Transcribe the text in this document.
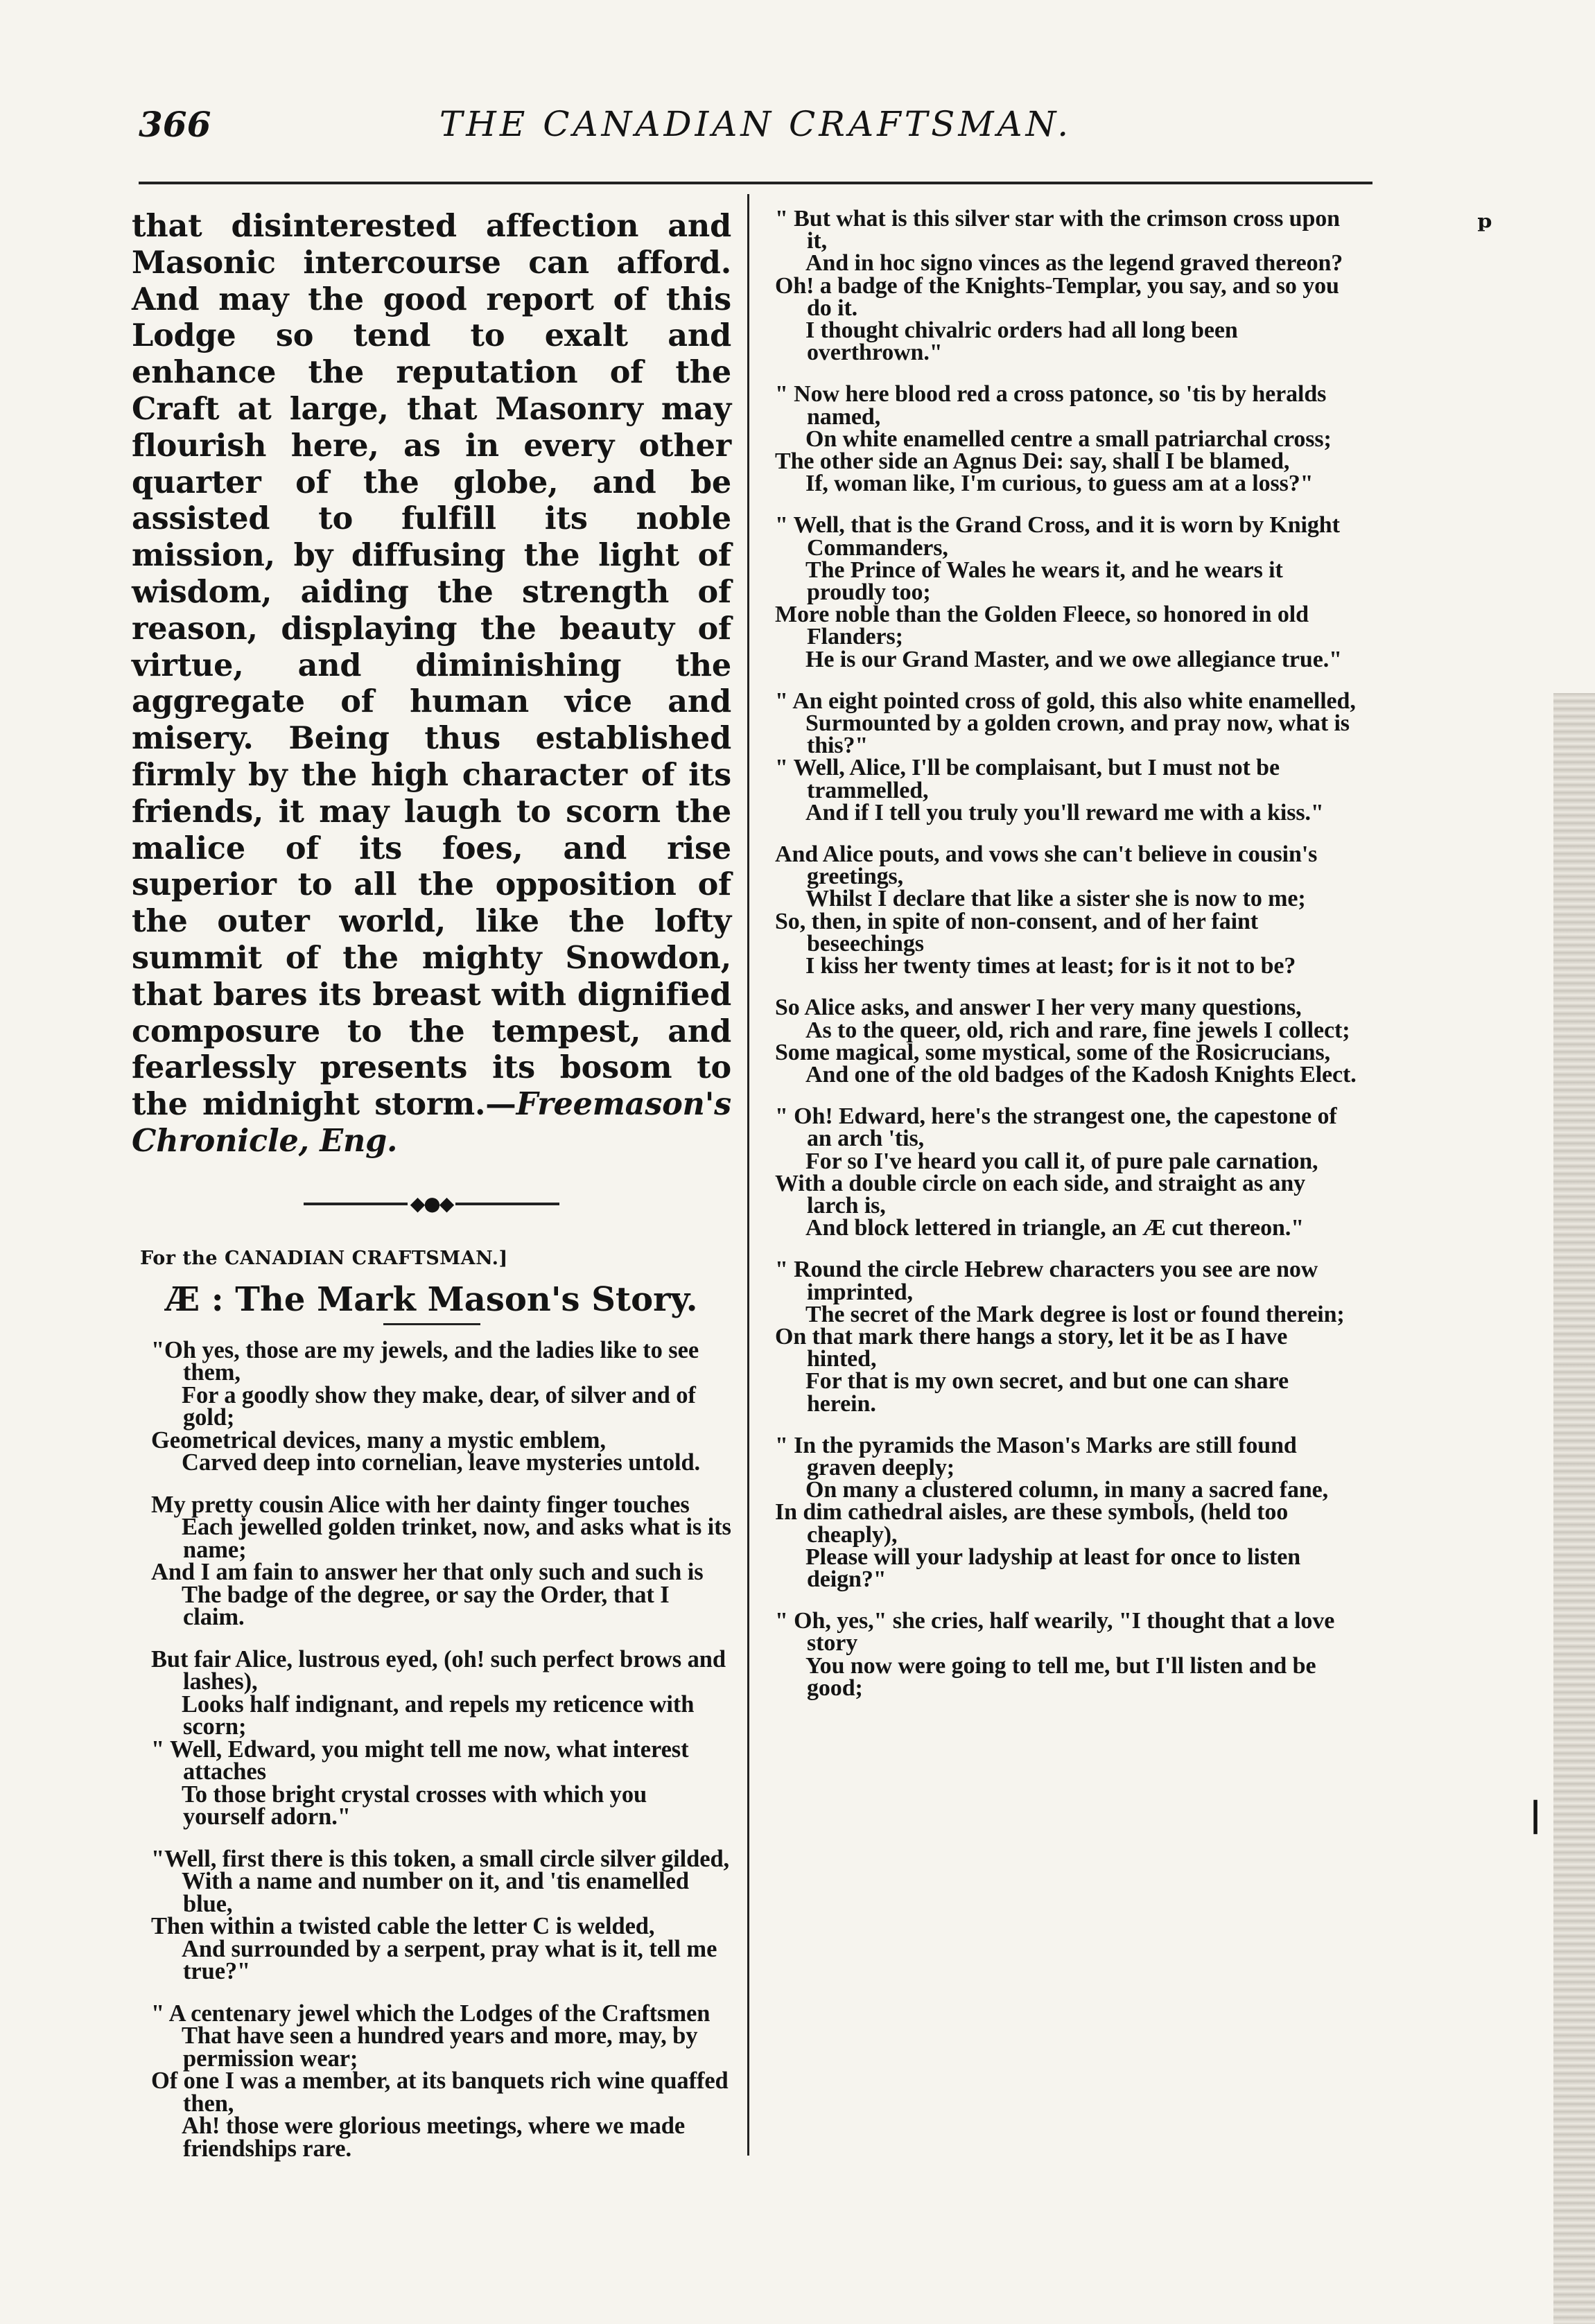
366	THE CANADIAN CRAFTSMAN.

that disinterested affection and Masonic intercourse can afford. And may the good report of this Lodge so tend to exalt and enhance the reputation of the Craft at large, that Masonry may flourish here, as in every other quarter of the globe, and be assisted to fulfill its noble mission, by diffusing the light of wisdom, aiding the strength of reason, displaying the beauty of virtue, and diminishing the aggregate of human vice and misery. Being thus established firmly by the high character of its friends, it may laugh to scorn the malice of its foes, and rise superior to all the opposition of the outer world, like the lofty summit of the mighty Snowdon, that bares its breast with dignified composure to the tempest, and fearlessly presents its bosom to the midnight storm.—Freemason's Chronicle, Eng.

◆●◆
For the CANADIAN CRAFTSMAN.]
Æ : The Mark Mason's Story.

"Oh yes, those are my jewels, and the ladies like to see them,

For a goodly show they make, dear, of silver and of gold;

Geometrical devices, many a mystic emblem,

Carved deep into cornelian, leave mysteries untold.

My pretty cousin Alice with her dainty finger touches

Each jewelled golden trinket, now, and asks what is its name;

And I am fain to answer her that only such and such is

The badge of the degree, or say the Order, that I claim.

But fair Alice, lustrous eyed, (oh! such perfect brows and lashes),

Looks half indignant, and repels my reticence with scorn;

" Well, Edward, you might tell me now, what interest attaches

To those bright crystal crosses with which you yourself adorn."

"Well, first there is this token, a small circle silver gilded,

With a name and number on it, and 'tis enamelled blue,

Then within a twisted cable the letter C is welded,

And surrounded by a serpent, pray what is it, tell me true?"

" A centenary jewel which the Lodges of the Craftsmen

That have seen a hundred years and more, may, by permission wear;

Of one I was a member, at its banquets rich wine quaffed then,

Ah! those were glorious meetings, where we made friendships rare.

" But what is this silver star with the crimson cross upon it,

And in hoc signo vinces as the legend graved thereon?

Oh! a badge of the Knights-Templar, you say, and so you do it.

I thought chivalric orders had all long been overthrown."

" Now here blood red a cross patonce, so 'tis by heralds named,

On white enamelled centre a small patriarchal cross;

The other side an Agnus Dei: say, shall I be blamed,

If, woman like, I'm curious, to guess am at a loss?"

" Well, that is the Grand Cross, and it is worn by Knight Commanders,

The Prince of Wales he wears it, and he wears it proudly too;

More noble than the Golden Fleece, so honored in old Flanders;

He is our Grand Master, and we owe allegiance true."

" An eight pointed cross of gold, this also white enamelled,

Surmounted by a golden crown, and pray now, what is this?"

" Well, Alice, I'll be complaisant, but I must not be trammelled,

And if I tell you truly you'll reward me with a kiss."

And Alice pouts, and vows she can't believe in cousin's greetings,

Whilst I declare that like a sister she is now to me;

So, then, in spite of non-consent, and of her faint beseechings

I kiss her twenty times at least; for is it not to be?

So Alice asks, and answer I her very many questions,

As to the queer, old, rich and rare, fine jewels I collect;

Some magical, some mystical, some of the Rosicrucians,

And one of the old badges of the Kadosh Knights Elect.

" Oh! Edward, here's the strangest one, the capestone of an arch 'tis,

For so I've heard you call it, of pure pale carnation,

With a double circle on each side, and straight as any larch is,

And block lettered in triangle, an Æ cut thereon."

" Round the circle Hebrew characters you see are now imprinted,

The secret of the Mark degree is lost or found therein;

On that mark there hangs a story, let it be as I have hinted,

For that is my own secret, and but one can share herein.

" In the pyramids the Mason's Marks are still found graven deeply;

On many a clustered column, in many a sacred fane,

In dim cathedral aisles, are these symbols, (held too cheaply),

Please will your ladyship at least for once to listen deign?"

" Oh, yes," she cries, half wearily, "I thought that a love story

You now were going to tell me, but I'll listen and be good;

ᵖ
❘
